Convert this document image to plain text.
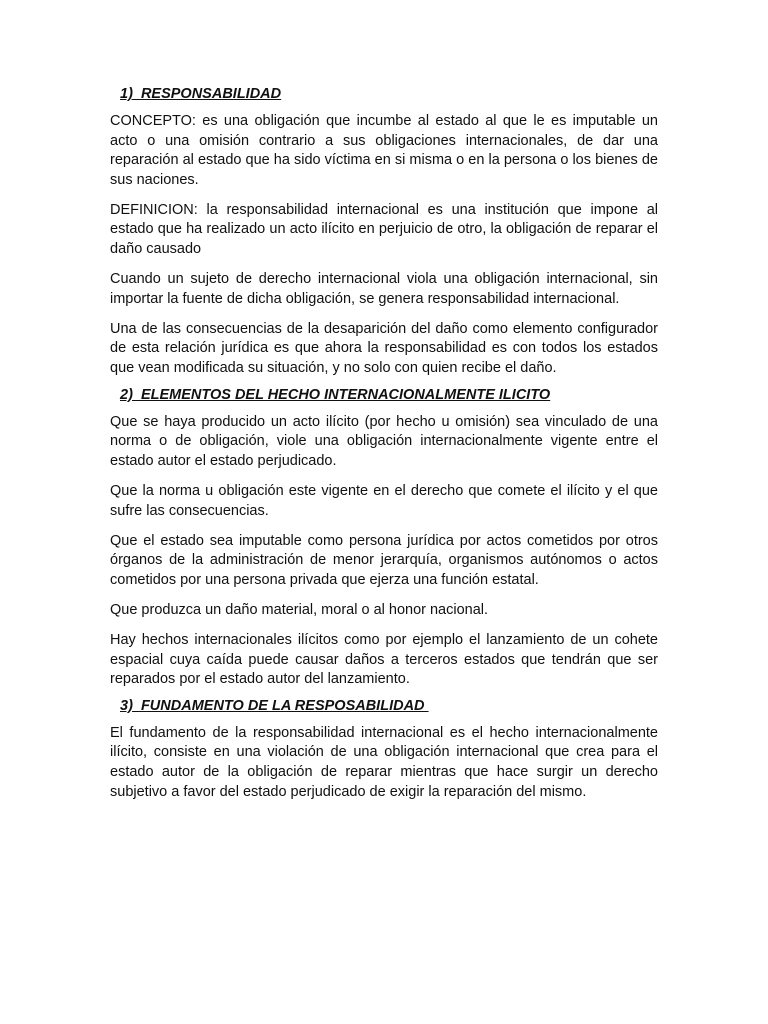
1)  RESPONSABILIDAD

CONCEPTO: es una obligación que incumbe al estado al que le es imputable un acto o una omisión contrario a sus obligaciones internacionales, de dar una reparación al estado que ha sido víctima en si misma o en la persona o los bienes de sus naciones.

DEFINICION: la responsabilidad internacional es una institución que impone al estado que ha realizado un acto ilícito en perjuicio de otro, la obligación de reparar el daño causado

Cuando un sujeto de derecho internacional viola una obligación internacional, sin importar la fuente de dicha obligación, se genera responsabilidad internacional.

Una de las consecuencias de la desaparición del daño como elemento configurador de esta relación jurídica es que ahora la responsabilidad es con todos los estados que vean modificada su situación, y no solo con quien recibe el daño.

2)  ELEMENTOS DEL HECHO INTERNACIONALMENTE ILICITO

Que se haya producido un acto ilícito (por hecho u omisión) sea vinculado de una norma o de obligación, viole una obligación internacionalmente vigente entre el estado autor el estado perjudicado.

Que la norma u obligación este vigente en el derecho que comete el ilícito y el que sufre las consecuencias.

Que el estado sea imputable como persona jurídica por actos cometidos por otros órganos de la administración de menor jerarquía, organismos autónomos o actos cometidos por una persona privada que ejerza una función estatal.

Que produzca un daño material, moral o al honor nacional.

Hay hechos internacionales ilícitos como por ejemplo el lanzamiento de un cohete espacial cuya caída puede causar daños a terceros estados que tendrán que ser reparados por el estado autor del lanzamiento.

3)  FUNDAMENTO DE LA RESPOSABILIDAD

El fundamento de la responsabilidad internacional es el hecho internacionalmente ilícito, consiste en una violación de una obligación internacional que crea para el estado autor de la obligación de reparar mientras que hace surgir un derecho subjetivo a favor del estado perjudicado de exigir la reparación del mismo.
